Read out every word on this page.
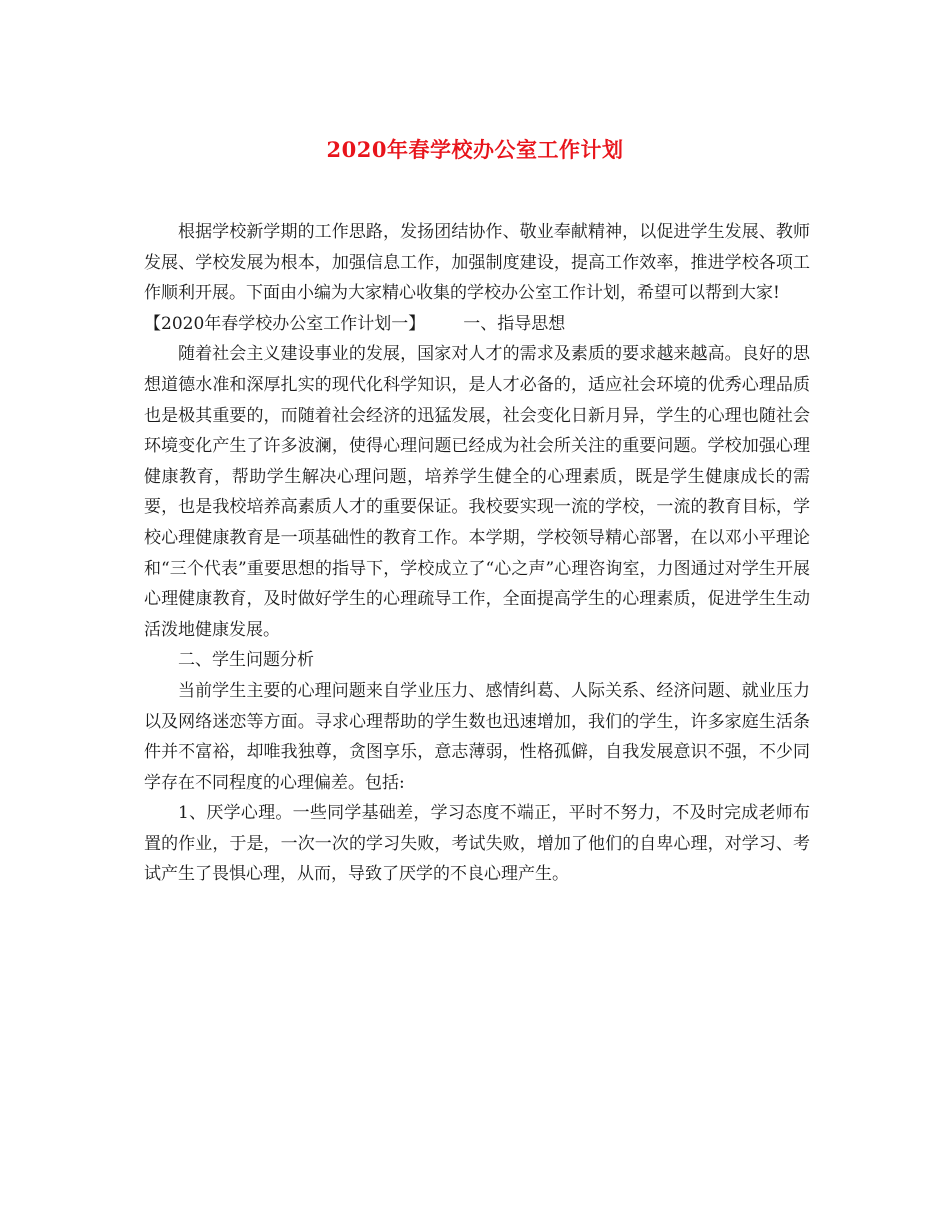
2020年春学校办公室工作计划

根据学校新学期的工作思路，发扬团结协作、敬业奉献精神，以促进学生发展、教师发展、学校发展为根本，加强信息工作，加强制度建设，提高工作效率，推进学校各项工作顺利开展。下面由小编为大家精心收集的学校办公室工作计划，希望可以帮到大家!

【2020年春学校办公室工作计划一】 一、指导思想

随着社会主义建设事业的发展，国家对人才的需求及素质的要求越来越高。良好的思想道德水准和深厚扎实的现代化科学知识，是人才必备的，适应社会环境的优秀心理品质也是极其重要的，而随着社会经济的迅猛发展，社会变化日新月异，学生的心理也随社会环境变化产生了许多波澜，使得心理问题已经成为社会所关注的重要问题。学校加强心理健康教育，帮助学生解决心理问题，培养学生健全的心理素质，既是学生健康成长的需要，也是我校培养高素质人才的重要保证。我校要实现一流的学校，一流的教育目标，学校心理健康教育是一项基础性的教育工作。本学期，学校领导精心部署，在以邓小平理论和“三个代表”重要思想的指导下，学校成立了“心之声”心理咨询室，力图通过对学生开展心理健康教育，及时做好学生的心理疏导工作，全面提高学生的心理素质，促进学生生动活泼地健康发展。

二、学生问题分析

当前学生主要的心理问题来自学业压力、感情纠葛、人际关系、经济问题、就业压力以及网络迷恋等方面。寻求心理帮助的学生数也迅速增加，我们的学生，许多家庭生活条件并不富裕，却唯我独尊，贪图享乐，意志薄弱，性格孤僻，自我发展意识不强，不少同学存在不同程度的心理偏差。包括:

1、厌学心理。一些同学基础差，学习态度不端正，平时不努力，不及时完成老师布置的作业，于是，一次一次的学习失败，考试失败，增加了他们的自卑心理，对学习、考试产生了畏惧心理，从而，导致了厌学的不良心理产生。
